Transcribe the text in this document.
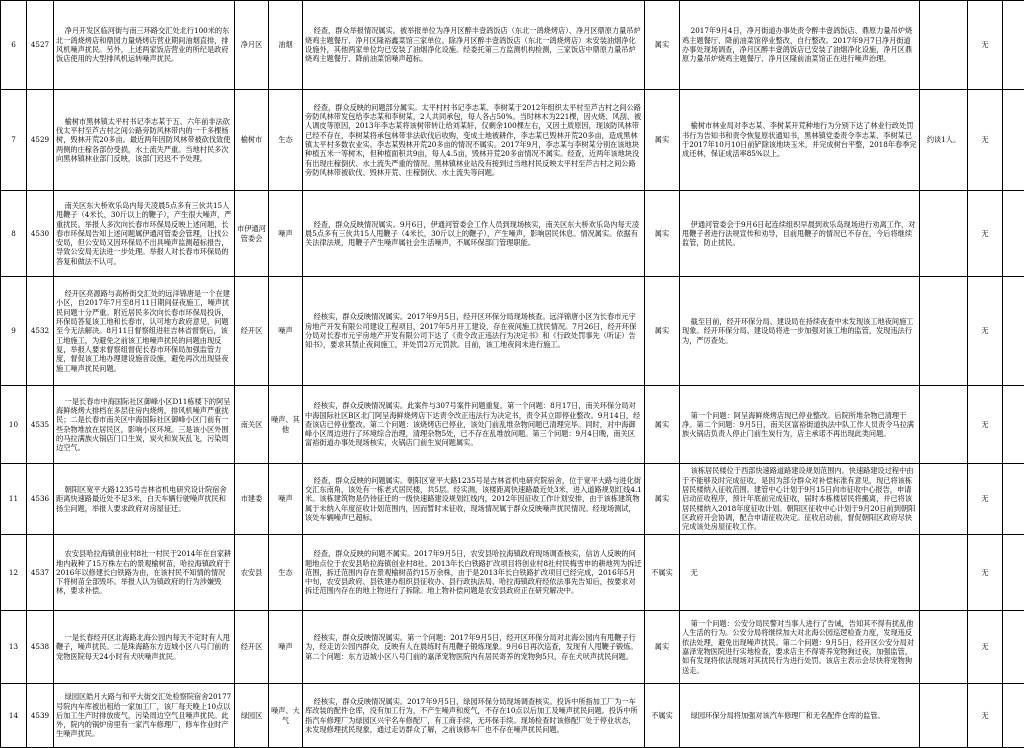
6	4527	净月开发区临河街与南三环路交汇处北行100米的东北一鸽烧烤店和鼎园力量烧烤店营业期间油烟直排，排风机噪声扰民。另外，上述两家饭店营业的所纪是政府饭店使用的大型排风机运转噪声扰民。	净月区	油烟	经查，群众举报情况属实。被举报单位为净月区醉丰壹鸽饭店（东北一鸽烧烤店）、净月区鼎原力量吊炉烧鸡主题餐厅、净月区隆裕鑫菜馆三家单位。除净月区醉丰壹鸽饭店（东北一鸽烧烤店）未安装油烟净化设施外，其他两家单位均已安装了油烟净化设施。经委托第三方监测机构检测，三家饭店中鼎原力量吊炉烧鸡主题餐厅、降前油菜馆噪声超标。	属实	2017年9月4日，净月街道办事处责令醉丰壹鸽饭店、鼎原力量吊炉烧鸡主题餐厅、降前油菜馆停业整改，自行整改。2017年9月7日净月街道办事处现场调查，净月区醉丰壹鸽饭店已安装了油烟净化设施，净月区鼎原力量吊炉烧鸡主题餐厅、净月区隆前油菜馆正在进行噪声治理。		无	
7	4529	榆树市黑林镇太平村书记李志某于五、六年前非法砍伐太平村至芦古村之间公路旁防风林带内的一千多棵杨树，毁林开荒20多亩。最近两年因防风林带被砍伐致使两侧的庄稼各部份受损，水土流失严重。当地村民多次向黑林镇林业部门反映，该部门迟迟不予处理。	榆树市	生态	经查，群众反映的问题部分属实。太平村村书记李志某、李树某于2012年组织太平村至芦古村之间公路旁防风林带发包给李志某和李树某，2人共同承包，每人各占50%。当时林木为221棵，因火烧、风刮、被人调皮等原因，2013年李志某将该树带转让给刘某轩，仅剩余100棵左右，又因土质原因，现该防风林带已经不存在，李树某将承包林带非法砍伐后收购，变成土地被耕作，李志某已毁林开荒20多亩，造成黑林镇太平村多数农业实。李志某毁林开荒20多亩的情况不属实。2017年9月，李志某与李树某分别在该地块种植五米一等树木，但种植面积共9亩，每人4.5亩，毁林开荒20多亩情况不属实。经查，近两年该地块没有出现庄稼倒伏、水土流失严重的情况。黑林镇林业站没有接到过当地村民反映太平村至芦古村之间公路旁防风林带被砍伐、毁林开荒、庄稼倒伏、水土流失等问题。	属实	榆树市林业局对李志某、李树某开荒种地行为分别下达了林业行政处罚书行为告知书和责令恢复原状通知书，黑林镇党委责令李志某、李树某已于2017年10月10日前铲除该地块玉米，并完成树台平整，2018年春季完成还林，保证成活率85%以上。	约谈1人。	无	
8	4530	南关区东大桥欢乐岛内每天凌晨5点多有三伙共15人甩鞭子（4米长，30斤以上的鞭子），产生很大噪声，严重扰民。举报人多次向长春市环保局反映上述问题，长春市环保局告知上述问题属伊通河管委会管理，让找公安局，但公安局又因环保局不出具噪声监测超标报告，导致公安局无法进一步处理。举报人对长春市环保局的答复和做法不认可。	市伊通河管委会	噪声	经查，群众反映情况属实。9月6日，伊通河管委会工作人员到现场核实，南关区东大桥欢乐岛内每天凌晨5点多有三伙共15人甩鞭子（4米长，30斤以上的鞭子），产生噪声，影响居民休息。情况属实。依据有关法律法规，甩鞭子产生噪声属社会生活噪声，不属环保部门管理职能。	属实	伊通河管委会于9月6日起连续组织早晨到欢乐岛现场进行劝离工作，对甩鞭子者进行法规宣传和劝导，目前甩鞭子的情况已不存在，今后将继续监管，防止扰民。		无	
9	4532	经开区亮源路与高桥街交汇处的远洋锦唐是一个在建小区，自2017年7月至8月11日期间昼夜施工，噪声扰民问题十分严重。附近居民多次向长春市环保局投诉，环保局答复该工地和长春市，认可地方政府意见，问题至今无法解决。8月11日督察组进驻吉林省督察后，该工地施工，为避免之前该工地噪声扰民的问题由现反复，举报人要求督察组督促长春市环保局加强监管力度，督促该工地办理建设施音设施，避免再次出现昼夜施工噪声扰民问题。	经开区	噪声	经核实，群众反映情况属实。2017年9月5日，经开区环保分局现场核查。远洋锦唐小区为长春市元宇房地产开发有限公司建设工程项目，2017年5月开工建设，存在夜间施工扰民情况。7月26日，经开环保分局对长春市元宇房地产开发有限公司下达了《责令改正违法行为决定书》和《行政处罚事先（听证）告知书》，要求其禁止夜间施工，并处罚2万元罚款。目前，该工地夜间未进行施工。	属实	截至目前，经开环保分局、建设局在持续夜查中未发现该工地夜间施工现象。经开环保分局、建设局将进一步加强对该工地的监管，发现违法行为，严厉查处。		无	
10	4535	一是长春市中海国际社区御峰小区D11栋楼下的阿呈海鲜烧烤大排档在多层住房内烧烤，排风机噪声严重扰民；二是长春市南关区中海国际社区御峰小区门前有一些杂物堆放在居民区，影响小区环境。三是该小区外围的马拉满族火锅店门口生炭，炭火和炭灰乱飞，污染周边空气。	南关区	噪声、其他	经核实，群众反映情况属实。此案件与307号案件问题重复。第一个问题：8月17日，南关环保分局对中海国际社区B区北门阿呈海鲜烧烤店下达责令改正违法行为决定书，责令其立即停业整改。9月14日，经查该店已停业整改。第二个问题：该烧烤店已停业，该处门前乱堆杂物问题已清理完毕。同时，对中海御峰小区周边进行了环境综合治理，清理杂物5处，已不存在乱堆放问题。第三个问题：9月4日晚，南关区富裕街道办事处现场核实，火锅店门前生炭问题属实。	属实	第一个问题：阿呈海鲜烧烤店现已停业整改。后院所堆杂物已清理干净。第二个问题：9月5日，南关区富裕街道执法中队工作人员责令马拉满族火锅店负责人停止门前生炭行为，店主承诺不再出现此类问题。		无	
11	4536	朝阳区宽平大路1235号吉林省机电研究设计院宿舍距离快速路最近处不足3米，白天车辆行驶噪声扰民和扬尘问题，举报人要求政府对房屋征迁。	市建委	噪声	经查，群众反映的问题属实。朝阳区宽平大路1235号是吉林省机电研究院宿舍，位于宽平大路与进化街交汇东南角，该处有一栋老式居民楼，共5层。经实测，该楼距离快速路最近处3米，进入道路规划红线4.1米。该栋建筑物是仍待征迁的一级快速路建设规划红线内，2012年因征收工作计划安排，由于该栋建筑物属于未纳入年度征收计划范围内，因而暂时未征收，现场情况属于群众反映噪声扰民情况。经现场测试，该处车辆噪声已超标。	属实	该栋居民楼位于西部快速路道路建设规划范围内。快速路建设过程中由于不能够及时完成征收，是因为部分群众对补偿标准有意见，现已将该栋居民楼纳入征收范围。建管中心计划于9月15日向市征收中心报告，申请启动征收程序，预计年底前完成征收，届时本栋楼居民将搬离，并已将该居民楼纳入2018年度征收计划。朝阳区征收中心计划于9月20日前到朝阳区政府开会协调，配合申请征收决定。征收启动前，督促朝阳区政府尽快完成该处房屋征收工作。		无	
12	4537	农安县哈拉海镇创业村8社一村民于2014年在自家耕地内栽种了15万株左右的景观榆树苗，哈拉海镇政府于2016年以修建长白铁路为由，在该村民不知情的情况下将树苗全部毁坏。举报人认为镇政府的行为涉嫌毁林，要求补偿。	农安县	生态	经查，群众反映的问题不属实。2017年9月5日，农安县哈拉海镇政府现场调查核实，信访人反映的问题地点位于农安县哈拉海镇创业村8社。2013年长白铁路扩改项目将创业村8社村民梅雪申的耕地列为拆迁范围，拆迁范围内存在景观榆树苗约15万余株，由于是2013年长白铁路扩改项目已经完成，2016年5月中旬，农安县政府、县铁建办组织县征收办、县行政执法局、哈拉海镇政府经依法事先告知后，按要求对拆迁范围内存在的地上物进行了拆除。地上物补偿问题是农安县政府正在研究解决中。	不属实	无		无	
13	4538	一是长春经开区北海路北海公园内每天不定时有人甩鞭子，噪声扰民。二是珠海路东方迈城小区八号门前的宠物医院每天24小时有犬吠噪声扰民。	经开区	噪声	经核实，群众反映情况属实。第一个问题：2017年9月5日，经开区环保分局对北海公园内有甩鞭子行为，经走访公园内群众，反映有人在晨练时有甩鞭子锻炼现象。9月6日再次巡查，发现有人甩鞭子锻炼。第二个问题：东方迈城小区八号门前的嘉泽宠物医院内有居民寄养的宠物狗5只，存在犬吠声扰民问题。	属实	第一个问题：公安分局民警对当事人进行了告诫，告知其不得有扰乱他人生活的行为。公安分局将继续加大对北海公园巡逻检查力度，发现违反依法处理，避免出现噪声扰民。第二个问题：9月5日，经开区公安分局对嘉泽宠物医院进行实地检查，要求店主不得寄养宠物狗过夜，加强监管，如有发现将依法现场对其扰民行为进行处罚。该店主表示会尽快将宠物狗送走。		无	
14	4539	绿园区皓月大路与和平大街交汇处检察院宿舍20177号院内车库被出租给一家加工厂，该厂每天晚上10点以后加工生产时排放废气，污染周边空气且噪声扰民。此外，院内的锅炉房里有一家汽车修理厂，修车作业时产生噪声扰民。	绿园区	噪声、大气	经核实，群众反映情况属实。2017年9月5日，绿园环保分局现场调查核实。投诉中所指加工厂为一车库改装的配件仓库，没有加工行为，不产生噪声和废气，不存在10点以后加工及噪声扰民问题。投诉中所指汽车修理厂为绿园区兴宇名车修配厂，有工商手续，无环保手续。现场检查时该修配厂处于停业状态，未发现修理扰民现象，通过走访群众了解，之前该修车厂也不存在噪声扰民问题。	不属实	绿园环保分局将加强对该汽车修理厂和无名配件仓库的监管。		无	
